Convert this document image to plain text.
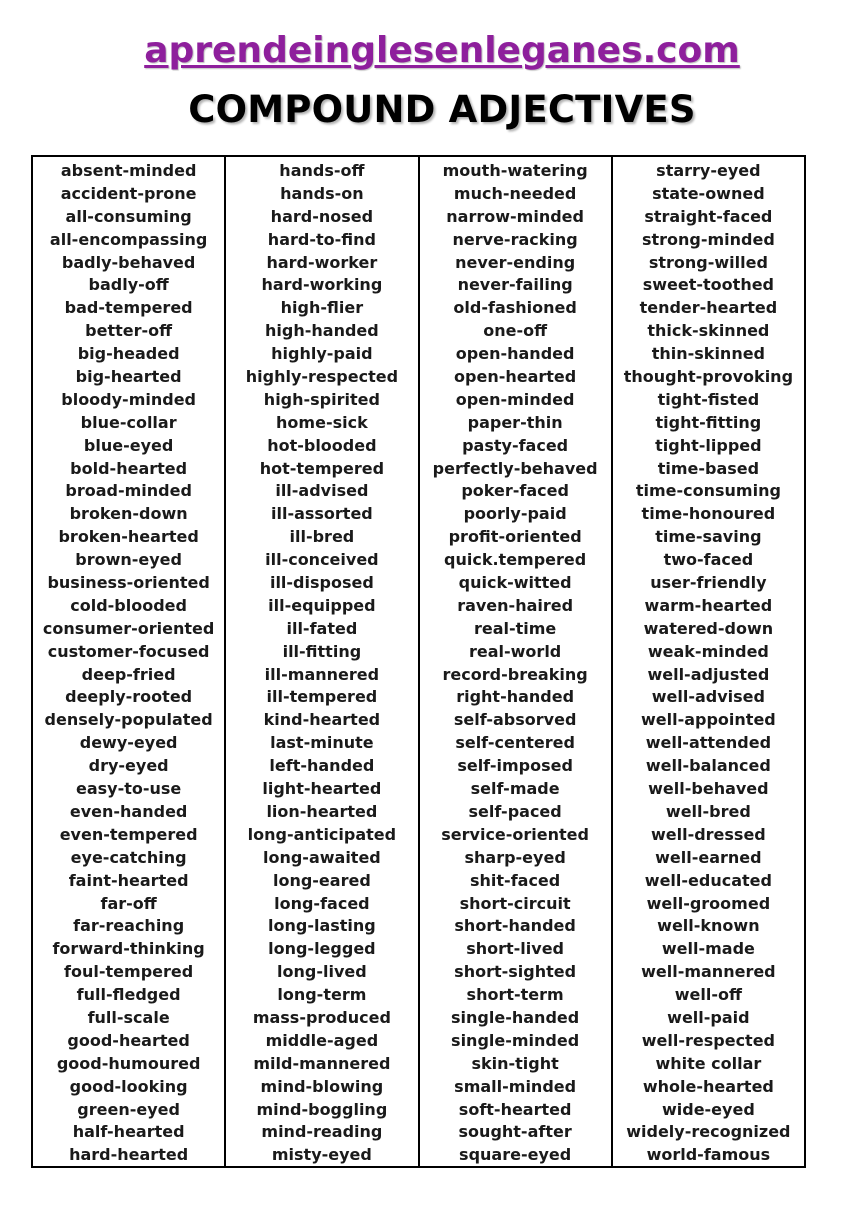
aprendeinglesenleganes.com
COMPOUND ADJECTIVES
absent-minded
accident-prone
all-consuming
all-encompassing
badly-behaved
badly-off
bad-tempered
better-off
big-headed
big-hearted
bloody-minded
blue-collar
blue-eyed
bold-hearted
broad-minded
broken-down
broken-hearted
brown-eyed
business-oriented
cold-blooded
consumer-oriented
customer-focused
deep-fried
deeply-rooted
densely-populated
dewy-eyed
dry-eyed
easy-to-use
even-handed
even-tempered
eye-catching
faint-hearted
far-off
far-reaching
forward-thinking
foul-tempered
full-fledged
full-scale
good-hearted
good-humoured
good-looking
green-eyed
half-hearted
hard-hearted
hands-off
hands-on
hard-nosed
hard-to-find
hard-worker
hard-working
high-flier
high-handed
highly-paid
highly-respected
high-spirited
home-sick
hot-blooded
hot-tempered
ill-advised
ill-assorted
ill-bred
ill-conceived
ill-disposed
ill-equipped
ill-fated
ill-fitting
ill-mannered
ill-tempered
kind-hearted
last-minute
left-handed
light-hearted
lion-hearted
long-anticipated
long-awaited
long-eared
long-faced
long-lasting
long-legged
long-lived
long-term
mass-produced
middle-aged
mild-mannered
mind-blowing
mind-boggling
mind-reading
misty-eyed
mouth-watering
much-needed
narrow-minded
nerve-racking
never-ending
never-failing
old-fashioned
one-off
open-handed
open-hearted
open-minded
paper-thin
pasty-faced
perfectly-behaved
poker-faced
poorly-paid
profit-oriented
quick.tempered
quick-witted
raven-haired
real-time
real-world
record-breaking
right-handed
self-absorved
self-centered
self-imposed
self-made
self-paced
service-oriented
sharp-eyed
shit-faced
short-circuit
short-handed
short-lived
short-sighted
short-term
single-handed
single-minded
skin-tight
small-minded
soft-hearted
sought-after
square-eyed
starry-eyed
state-owned
straight-faced
strong-minded
strong-willed
sweet-toothed
tender-hearted
thick-skinned
thin-skinned
thought-provoking
tight-fisted
tight-fitting
tight-lipped
time-based
time-consuming
time-honoured
time-saving
two-faced
user-friendly
warm-hearted
watered-down
weak-minded
well-adjusted
well-advised
well-appointed
well-attended
well-balanced
well-behaved
well-bred
well-dressed
well-earned
well-educated
well-groomed
well-known
well-made
well-mannered
well-off
well-paid
well-respected
white collar
whole-hearted
wide-eyed
widely-recognized
world-famous
